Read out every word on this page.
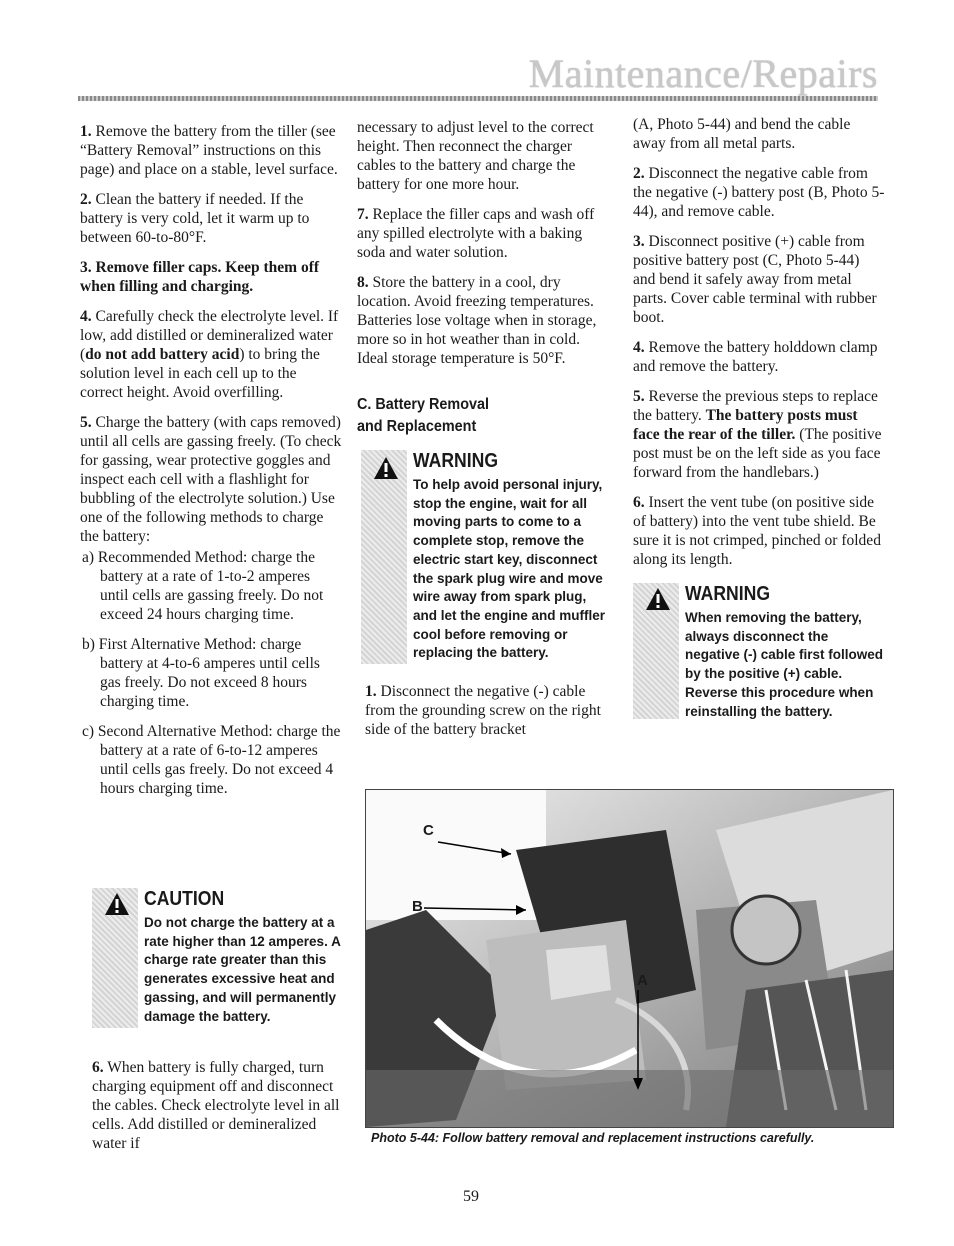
Maintenance/Repairs

1. Remove the battery from the tiller (see “Battery Removal” instructions on this page) and place on a stable, level surface.

2. Clean the battery if needed. If the battery is very cold, let it warm up to between 60-to-80°F.

3. Remove filler caps. Keep them off when filling and charging.

4. Carefully check the electrolyte level. If low, add distilled or demineralized water (do not add battery acid) to bring the solution level in each cell up to the correct height. Avoid overfilling.

5. Charge the battery (with caps removed) until all cells are gassing freely. (To check for gassing, wear protective goggles and inspect each cell with a flashlight for bubbling of the electrolyte solution.) Use one of the following methods to charge the battery:

a) Recommended Method: charge the battery at a rate of 1-to-2 amperes until cells are gassing freely. Do not exceed 24 hours charging time.

b) First Alternative Method: charge battery at 4-to-6 amperes until cells gas freely. Do not exceed 8 hours charging time.

c) Second Alternative Method: charge the battery at a rate of 6-to-12 amperes until cells gas freely. Do not exceed 4 hours charging time.

CAUTION
Do not charge the battery at a rate higher than 12 amperes. A charge rate greater than this generates excessive heat and gassing, and will permanently damage the battery.

6. When battery is fully charged, turn charging equipment off and disconnect the cables. Check electrolyte level in all cells. Add distilled or demineralized water if

necessary to adjust level to the correct height. Then reconnect the charger cables to the battery and charge the battery for one more hour.

7. Replace the filler caps and wash off any spilled electrolyte with a baking soda and water solution.

8. Store the battery in a cool, dry location. Avoid freezing temperatures. Batteries lose voltage when in storage, more so in hot weather than in cold. Ideal storage temperature is 50°F.

C. Battery Removal
and Replacement
WARNING
To help avoid personal injury, stop the engine, wait for all moving parts to come to a complete stop, remove the electric start key, disconnect the spark plug wire and move wire away from spark plug, and let the engine and muffler cool before removing or replacing the battery.

1. Disconnect the negative (-) cable from the grounding screw on the right side of the battery bracket

(A, Photo 5-44) and bend the cable away from all metal parts.

2. Disconnect the negative cable from the negative (-) battery post (B, Photo 5-44), and remove cable.

3. Disconnect positive (+) cable from positive battery post (C, Photo 5-44) and bend it safely away from metal parts. Cover cable terminal with rubber boot.

4. Remove the battery holddown clamp and remove the battery.

5. Reverse the previous steps to replace the battery. The battery posts must face the rear of the tiller. (The positive post must be on the left side as you face forward from the handlebars.)

6. Insert the vent tube (on positive side of battery) into the vent tube shield. Be sure it is not crimped, pinched or folded along its length.

WARNING
When removing the battery, always disconnect the negative (-) cable first followed by the positive (+) cable. Reverse this procedure when reinstalling the battery.
C
B
A
Photo 5-44: Follow battery removal and replacement instructions carefully.
59
